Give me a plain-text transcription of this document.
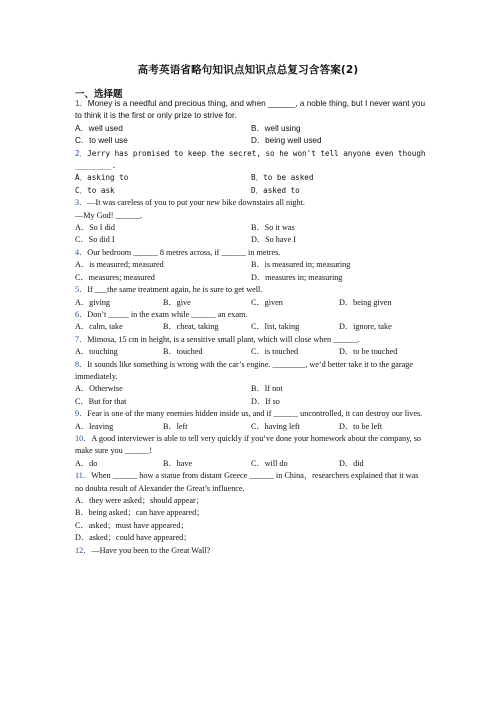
高考英语省略句知识点知识点总复习含答案(2)
一、选择题
1．Money is a needful and precious thing, and when ______, a noble thing, but I never want you to think it is the first or only prize to strive for.
A．well used	B．well using
C．to well use	D．being well used
2．Jerry has promised to keep the secret, so he won't tell anyone even though ________.
A．asking to	B．to be asked
C．to ask	D．asked to
3．—It was careless of you to put your new bike downstairs all night.
—My God! ______.
A．So I did	B．So it was
C．So did I	D．So have I
4．Our bedroom ______ 8 metres across, if ______ in metres.
A．is measured; measured	B．is measured in; measuring
C．measures; measured	D．measures in; measuring
5．If ___the same treatment again, he is sure to get well.
A．giving	B．give	C．given	D．being given
6．Don’t _____ in the exam while ______ an exam.
A．calm, take	B．cheat, taking	C．list, taking	D．ignore, take
7．Mimosa, 15 cm in height, is a sensitive small plant, which will close when ______.
A．touching	B．touched	C．is touched	D．to be touched
8．It sounds like something is wrong with the car’s engine. ________, we’d better take it to the garage immediately.
A．Otherwise	B．If not
C．But for that	D．If so
9．Fear is one of the many enemies hidden inside us, and if ______ uncontrolled, it can destroy our lives.
A．leaving	B．left	C．having left	D．to be left
10．A good interviewer is able to tell very quickly if you’ve done your homework about the company, so make sure you ______!
A．do	B．have	C．will do	D．did
11．When ______ how a statue from distant Greece ______ in China，researchers explained that it was no doubta result of Alexander the Great’s influence.
A．they were asked；should appear；
B．being asked；can have appeared；
C．asked；must have appeared；
D．asked；could have appeared；
12．—Have you been to the Great Wall?
